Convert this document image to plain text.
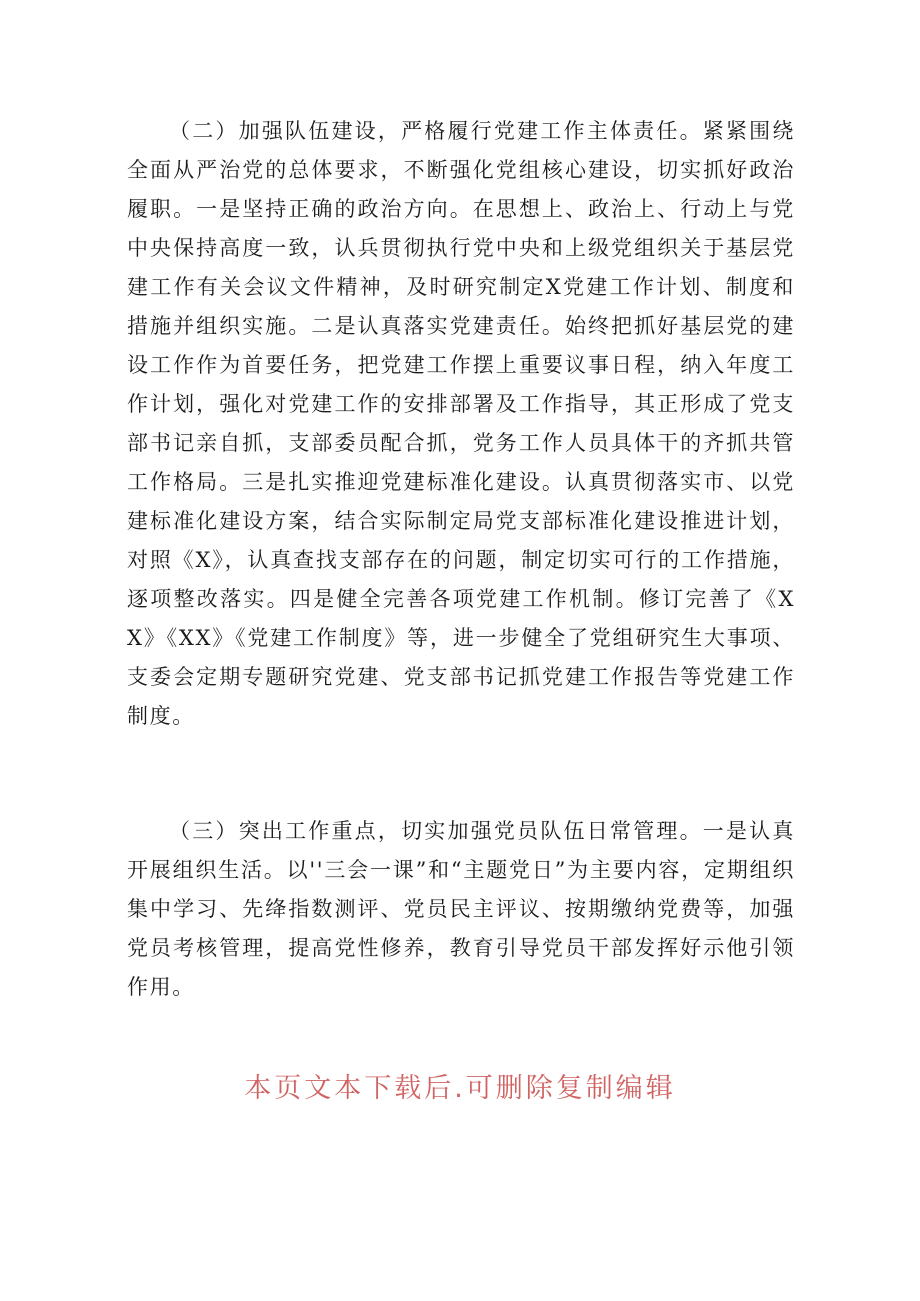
（二）加强队伍建设，严格履行党建工作主体责任。紧紧围绕全面从严治党的总体要求，不断强化党组核心建设，切实抓好政治履职。一是坚持正确的政治方向。在思想上、政治上、行动上与党中央保持高度一致，认兵贯彻执行党中央和上级党组织关于基层党建工作有关会议文件精神，及时研究制定X党建工作计划、制度和措施并组织实施。二是认真落实党建责任。始终把抓好基层党的建设工作作为首要任务，把党建工作摆上重要议事日程，纳入年度工作计划，强化对党建工作的安排部署及工作指导，其正形成了党支部书记亲自抓，支部委员配合抓，党务工作人员具体干的齐抓共管工作格局。三是扎实推迎党建标准化建设。认真贯彻落实市、以党建标准化建设方案，结合实际制定局党支部标准化建设推进计划，对照《X》，认真查找支部存在的问题，制定切实可行的工作措施，逐项整改落实。四是健全完善各项党建工作机制。修订完善了《XX》《XX》《党建工作制度》等，进一步健全了党组研究生大事项、支委会定期专题研究党建、党支部书记抓党建工作报告等党建工作制度。

（三）突出工作重点，切实加强党员队伍日常管理。一是认真开展组织生活。以''三会一课”和“主题党日”为主要内容，定期组织集中学习、先绛指数测评、党员民主评议、按期缴纳党费等，加强党员考核管理，提高党性修养，教育引导党员干部发挥好示他引领作用。

本页文本下载后.可删除复制编辑
